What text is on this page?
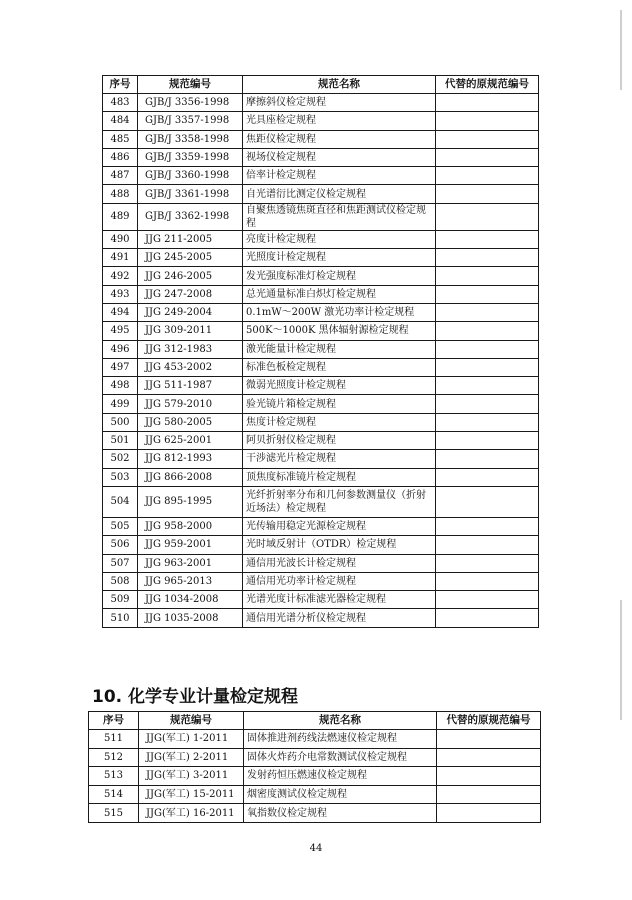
序号	规范编号	规范名称	代替的原规范编号
483	GJB/J 3356-1998	摩擦斜仪检定规程	
484	GJB/J 3357-1998	光具座检定规程	
485	GJB/J 3358-1998	焦距仪检定规程	
486	GJB/J 3359-1998	视场仪检定规程	
487	GJB/J 3360-1998	倍率计检定规程	
488	GJB/J 3361-1998	自光谱衍比测定仪检定规程	
489	GJB/J 3362-1998	自聚焦透镜焦斑直径和焦距测试仪检定规程	
490	JJG 211-2005	亮度计检定规程	
491	JJG 245-2005	光照度计检定规程	
492	JJG 246-2005	发光强度标准灯检定规程	
493	JJG 247-2008	总光通量标准白炽灯检定规程	
494	JJG 249-2004	0.1mW～200W 激光功率计检定规程	
495	JJG 309-2011	500K～1000K 黑体辐射源检定规程	
496	JJG 312-1983	激光能量计检定规程	
497	JJG 453-2002	标准色板检定规程	
498	JJG 511-1987	微弱光照度计检定规程	
499	JJG 579-2010	验光镜片箱检定规程	
500	JJG 580-2005	焦度计检定规程	
501	JJG 625-2001	阿贝折射仪检定规程	
502	JJG 812-1993	干涉滤光片检定规程	
503	JJG 866-2008	顶焦度标准镜片检定规程	
504	JJG 895-1995	光纤折射率分布和几何参数测量仪（折射近场法）检定规程	
505	JJG 958-2000	光传输用稳定光源检定规程	
506	JJG 959-2001	光时域反射计（OTDR）检定规程	
507	JJG 963-2001	通信用光波长计检定规程	
508	JJG 965-2013	通信用光功率计检定规程	
509	JJG 1034-2008	光谱光度计标准滤光器检定规程	
510	JJG 1035-2008	通信用光谱分析仪检定规程	
10. 化学专业计量检定规程
序号	规范编号	规范名称	代替的原规范编号
511	JJG(军工) 1-2011	固体推进剂药线法燃速仪检定规程	
512	JJG(军工) 2-2011	固体火炸药介电常数测试仪检定规程	
513	JJG(军工) 3-2011	发射药恒压燃速仪检定规程	
514	JJG(军工) 15-2011	烟密度测试仪检定规程	
515	JJG(军工) 16-2011	氧指数仪检定规程	
44
